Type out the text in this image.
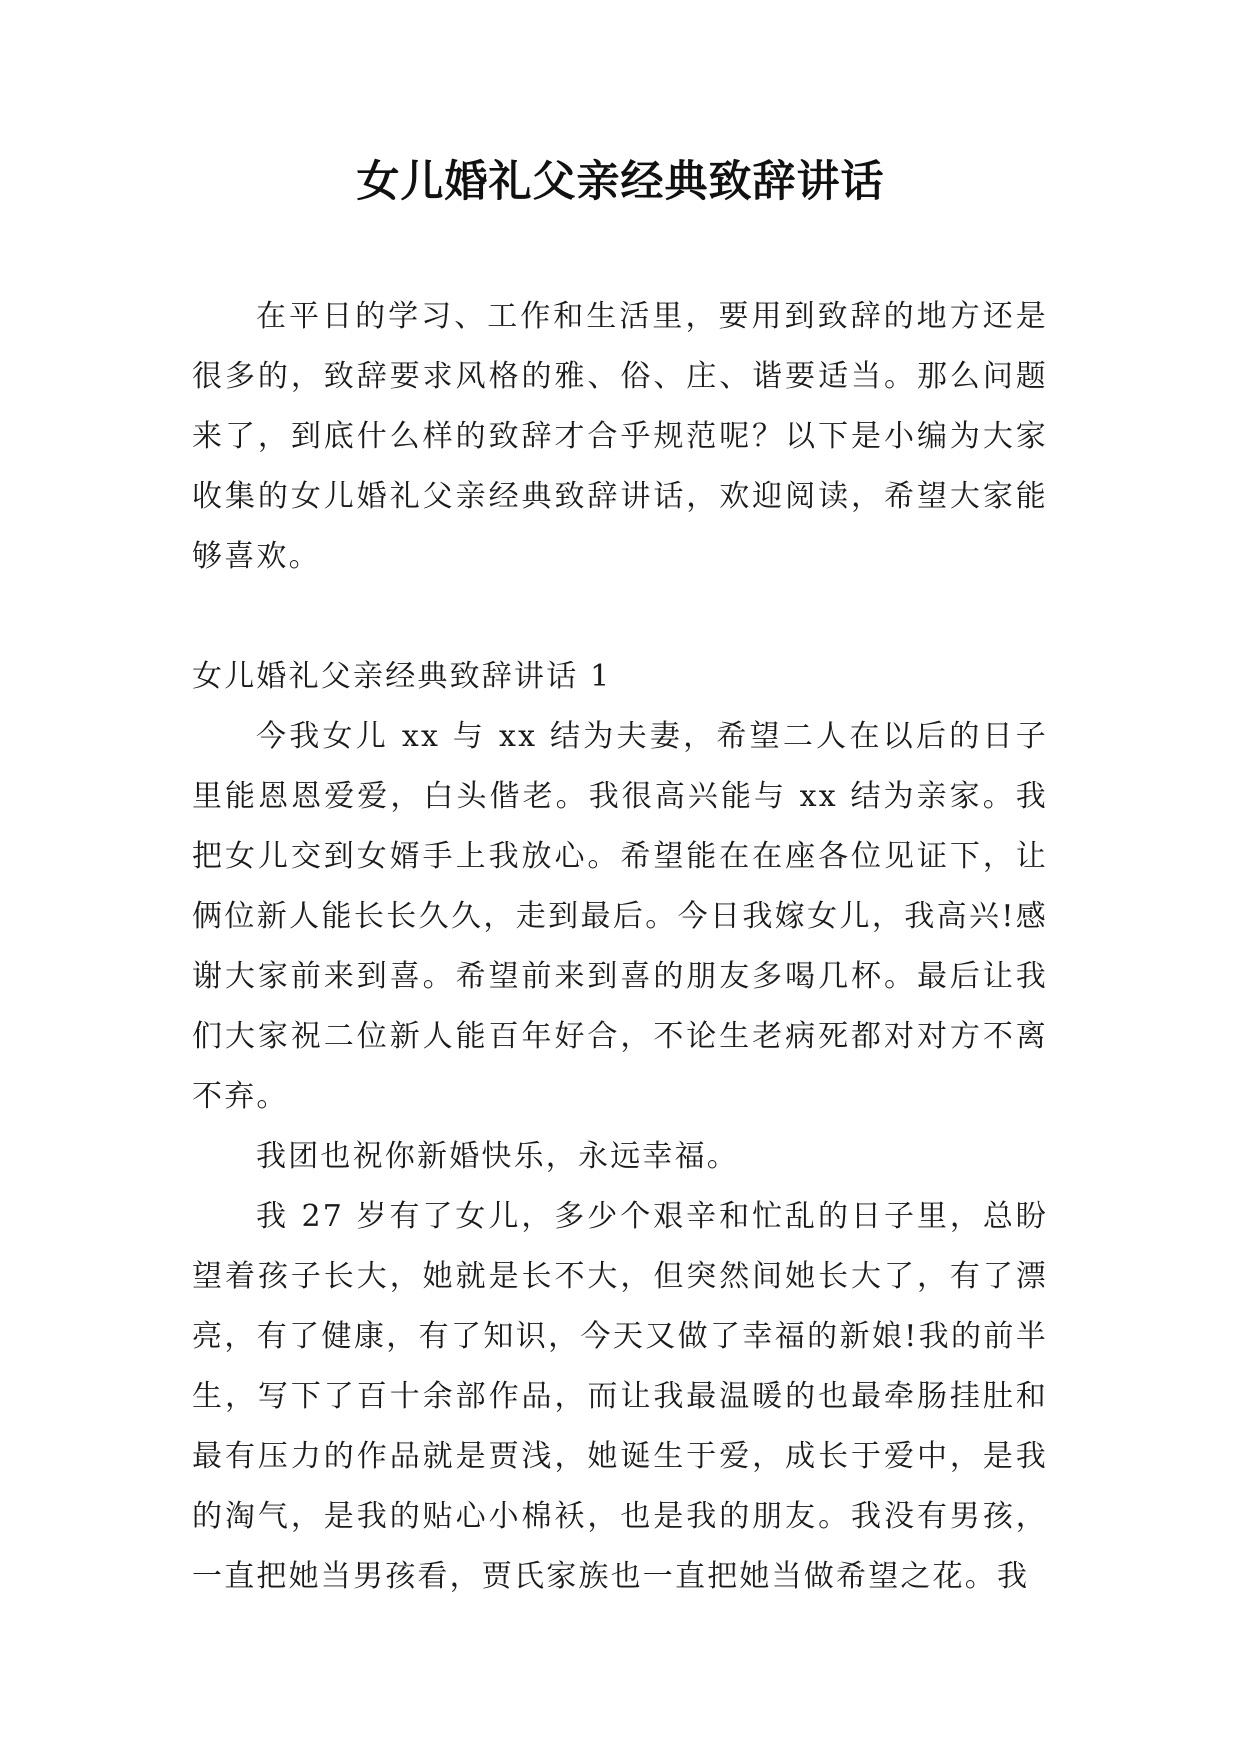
女儿婚礼父亲经典致辞讲话

在平日的学习、工作和生活里，要用到致辞的地方还是很多的，致辞要求风格的雅、俗、庄、谐要适当。那么问题来了，到底什么样的致辞才合乎规范呢？以下是小编为大家收集的女儿婚礼父亲经典致辞讲话，欢迎阅读，希望大家能够喜欢。

女儿婚礼父亲经典致辞讲话 1

今我女儿 xx 与 xx 结为夫妻，希望二人在以后的日子里能恩恩爱爱，白头偕老。我很高兴能与 xx 结为亲家。我把女儿交到女婿手上我放心。希望能在在座各位见证下，让俩位新人能长长久久，走到最后。今日我嫁女儿，我高兴!感谢大家前来到喜。希望前来到喜的朋友多喝几杯。最后让我们大家祝二位新人能百年好合，不论生老病死都对对方不离不弃。

我团也祝你新婚快乐，永远幸福。

我 27 岁有了女儿，多少个艰辛和忙乱的日子里，总盼望着孩子长大，她就是长不大，但突然间她长大了，有了漂亮，有了健康，有了知识，今天又做了幸福的新娘!我的前半生，写下了百十余部作品，而让我最温暖的也最牵肠挂肚和最有压力的作品就是贾浅，她诞生于爱，成长于爱中，是我的淘气，是我的贴心小棉袄，也是我的朋友。我没有男孩，一直把她当男孩看，贾氏家族也一直把她当做希望之花。我
